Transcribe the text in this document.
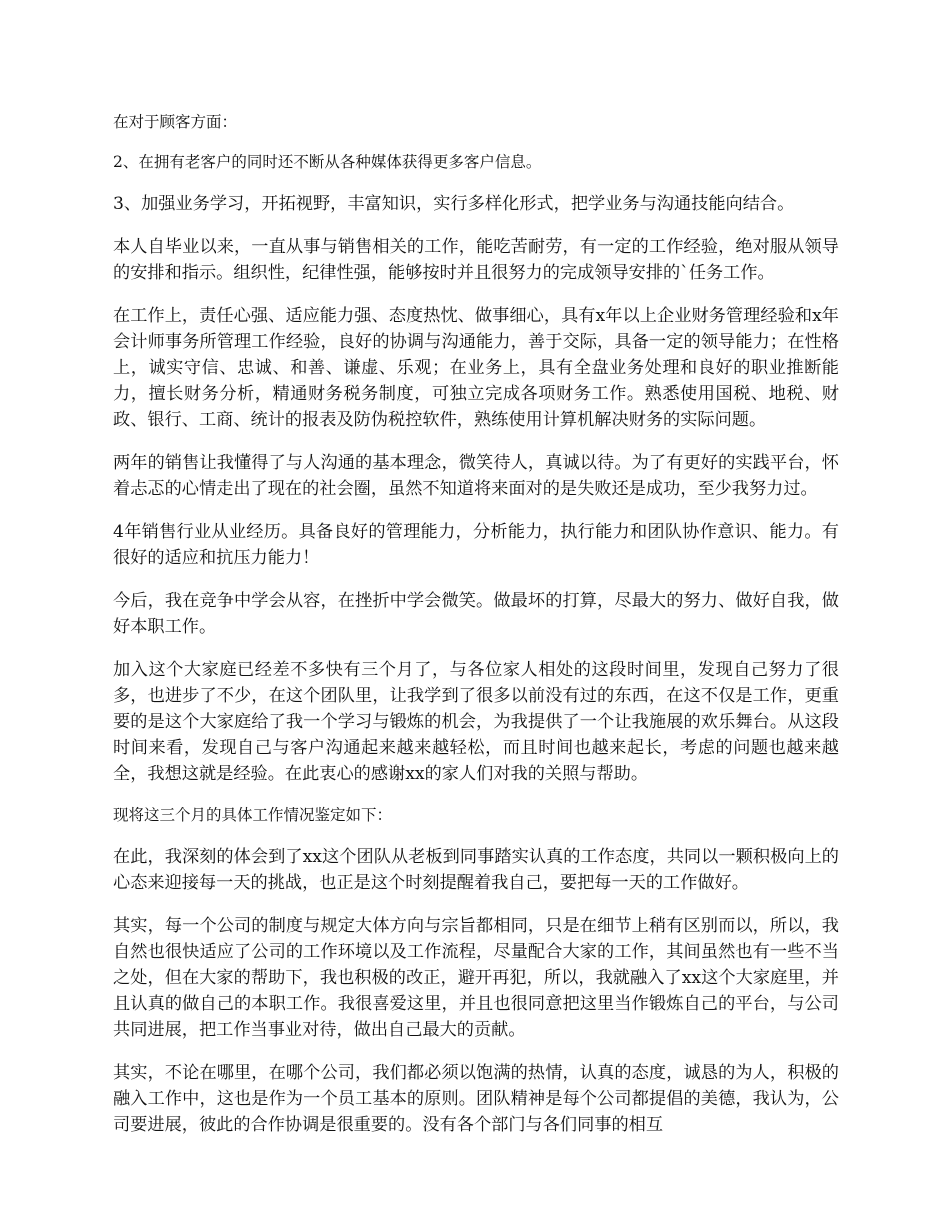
在对于顾客方面：

2、在拥有老客户的同时还不断从各种媒体获得更多客户信息。

3、加强业务学习，开拓视野，丰富知识，实行多样化形式，把学业务与沟通技能向结合。

本人自毕业以来，一直从事与销售相关的工作，能吃苦耐劳，有一定的工作经验，绝对服从领导的安排和指示。组织性，纪律性强，能够按时并且很努力的完成领导安排的`任务工作。

在工作上，责任心强、适应能力强、态度热忱、做事细心，具有x年以上企业财务管理经验和x年会计师事务所管理工作经验，良好的协调与沟通能力，善于交际，具备一定的领导能力；在性格上，诚实守信、忠诚、和善、谦虚、乐观；在业务上，具有全盘业务处理和良好的职业推断能力，擅长财务分析，精通财务税务制度，可独立完成各项财务工作。熟悉使用国税、地税、财政、银行、工商、统计的报表及防伪税控软件，熟练使用计算机解决财务的实际问题。

两年的销售让我懂得了与人沟通的基本理念，微笑待人，真诚以待。为了有更好的实践平台，怀着忐忑的心情走出了现在的社会圈，虽然不知道将来面对的是失败还是成功，至少我努力过。

4年销售行业从业经历。具备良好的管理能力，分析能力，执行能力和团队协作意识、能力。有很好的适应和抗压力能力！

今后，我在竞争中学会从容，在挫折中学会微笑。做最坏的打算，尽最大的努力、做好自我，做好本职工作。

加入这个大家庭已经差不多快有三个月了，与各位家人相处的这段时间里，发现自己努力了很多，也进步了不少，在这个团队里，让我学到了很多以前没有过的东西，在这不仅是工作，更重要的是这个大家庭给了我一个学习与锻炼的机会，为我提供了一个让我施展的欢乐舞台。从这段时间来看，发现自己与客户沟通起来越来越轻松，而且时间也越来起长，考虑的问题也越来越全，我想这就是经验。在此衷心的感谢xx的家人们对我的关照与帮助。

现将这三个月的具体工作情况鉴定如下：

在此，我深刻的体会到了xx这个团队从老板到同事踏实认真的工作态度，共同以一颗积极向上的心态来迎接每一天的挑战，也正是这个时刻提醒着我自己，要把每一天的工作做好。

其实，每一个公司的制度与规定大体方向与宗旨都相同，只是在细节上稍有区别而以，所以，我自然也很快适应了公司的工作环境以及工作流程，尽量配合大家的工作，其间虽然也有一些不当之处，但在大家的帮助下，我也积极的改正，避开再犯，所以，我就融入了xx这个大家庭里，并且认真的做自己的本职工作。我很喜爱这里，并且也很同意把这里当作锻炼自己的平台，与公司共同进展，把工作当事业对待，做出自己最大的贡献。

其实，不论在哪里，在哪个公司，我们都必须以饱满的热情，认真的态度，诚恳的为人，积极的融入工作中，这也是作为一个员工基本的原则。团队精神是每个公司都提倡的美德，我认为，公司要进展，彼此的合作协调是很重要的。没有各个部门与各们同事的相互
